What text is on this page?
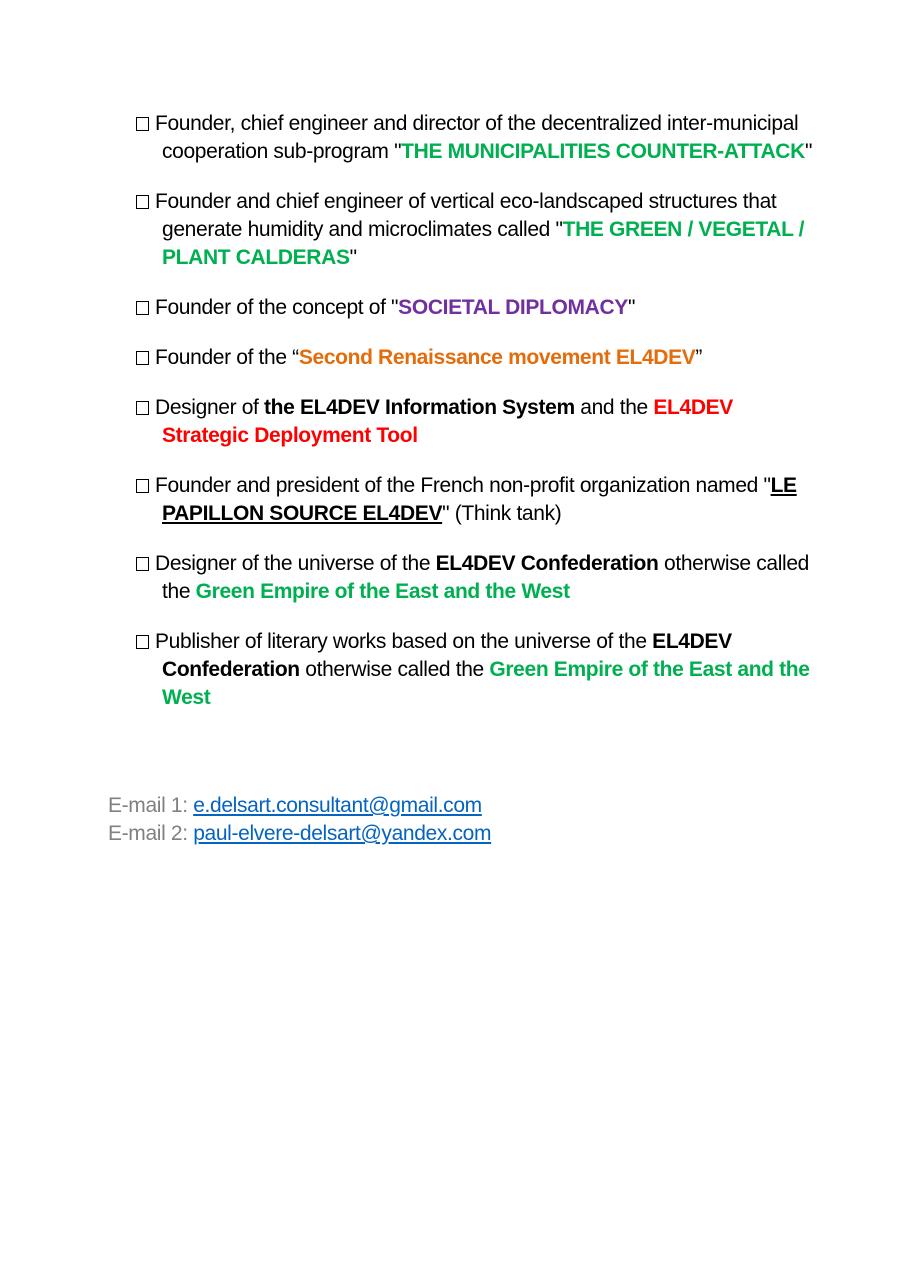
Founder, chief engineer and director of the decentralized inter-municipal cooperation sub-program "THE MUNICIPALITIES COUNTER-ATTACK"

Founder and chief engineer of vertical eco-landscaped structures that generate humidity and microclimates called "THE GREEN / VEGETAL / PLANT CALDERAS"

Founder of the concept of "SOCIETAL DIPLOMACY"

Founder of the “Second Renaissance movement EL4DEV”

Designer of the EL4DEV Information System and the EL4DEV Strategic Deployment Tool

Founder and president of the French non-profit organization named "LE PAPILLON SOURCE EL4DEV" (Think tank)

Designer of the universe of the EL4DEV Confederation otherwise called the Green Empire of the East and the West

Publisher of literary works based on the universe of the EL4DEV Confederation otherwise called the Green Empire of the East and the West

E-mail 1: e.delsart.consultant@gmail.com
E-mail 2: paul-elvere-delsart@yandex.com
